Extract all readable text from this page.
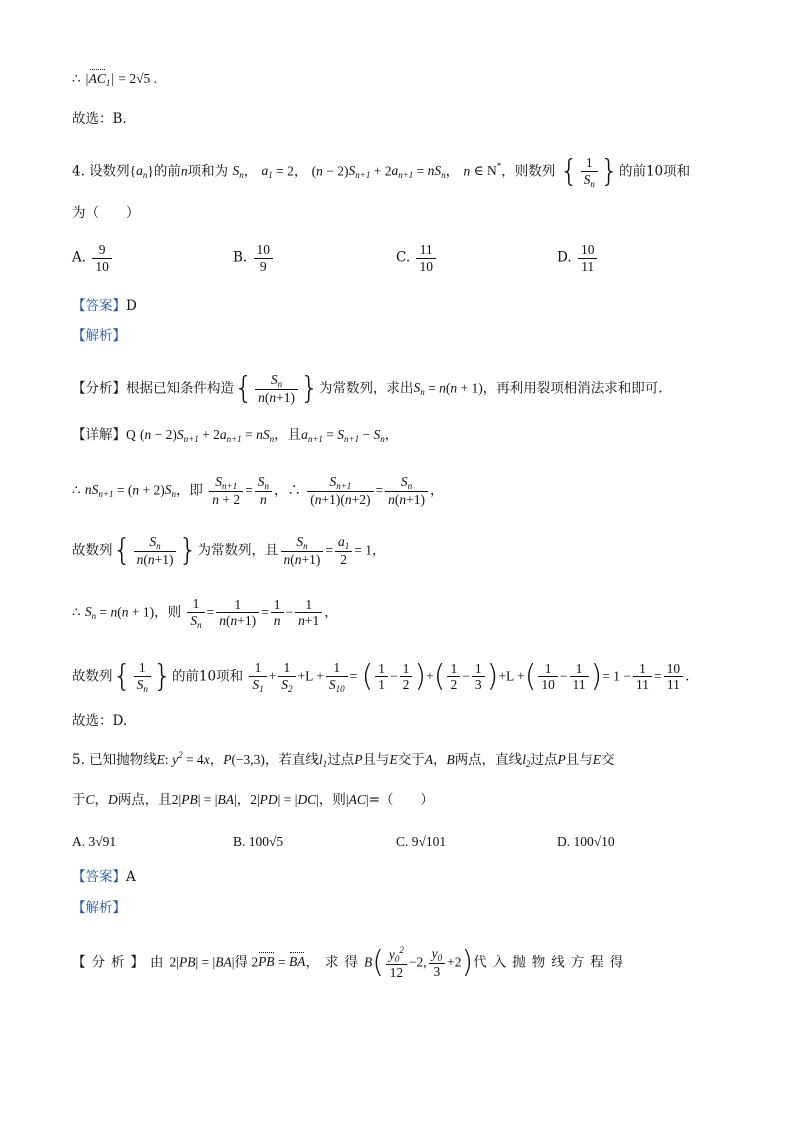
∴ $|AC_1| = 2√5$ .
故选：B.
4. 设数列$\{a_n\}$的前n项和为 $S_n$， $a_1 = 2$， $(n - 2)S_{n+1} + 2a_{n+1} = nS_n$， n ∈ N*，则数列 { $\frac{1}{S_n}$ }的前10项和
为（　　）
A. $\frac{9}{10}$	B. $\frac{10}{9}$	C. $\frac{11}{10}$	D. $\frac{10}{11}$
【答案】D
【解析】
【分析】根据已知条件构造{ $\frac{S_n}{n(n+1)}$ }为常数列，求出$S_n = n(n + 1)$，再利用裂项相消法求和即可.
【详解】Q $(n - 2)S_{n+1} + 2a_{n+1} = nS_n$，且$a_{n+1} = S_{n+1} - S_n$，
∴ $nS_{n+1} = (n + 2)S_n$，即 $\frac{S_{n+1}}{n + 2} = \frac{S_n}{n}$ ，∴ $\frac{S_{n+1}}{(n+1)(n+2)} = \frac{S_n}{n(n+1)}$ ，
故数列{ $\frac{S_n}{n(n+1)}$ }为常数列，且 $\frac{S_n}{n(n+1)} = \frac{a_1}{2} = 1$，
∴ $S_n = n(n + 1)$，则 $\frac{1}{S_n} = \frac{1}{n(n+1)} = \frac{1}{n} - \frac{1}{n+1}$ ，
故数列{ $\frac{1}{S_n}$ }的前10项和 $\frac{1}{S_1} + \frac{1}{S_2} +L + \frac{1}{S_{10}}$ = ( $\frac{1}{1} - \frac{1}{2}$ )+( $\frac{1}{2} - \frac{1}{3} )+L$ +( $\frac{1}{10} - \frac{1}{11}$ )= $1 - \frac{1}{11} = \frac{10}{11}$ .
故选：D.
5. 已知抛物线E: $y^2 = 4x$，P(−3,3)，若直线$l_1$过点P且与E交于A，B两点，直线$l_2$过点P且与E交
于C，D两点，且2|PB| = |BA|，2|PD| = |DC|，则|AC|=（　　）
A. 3√91	B. 100√5	C. 9√101	D. 100√10
【答案】A
【解析】
【分析】由2|PB| = |BA|得 2PB = BA，求得$B( \frac{y_0^2}{12} -2$, $\frac{y_0}{3} +2$)代入抛物线方程得
